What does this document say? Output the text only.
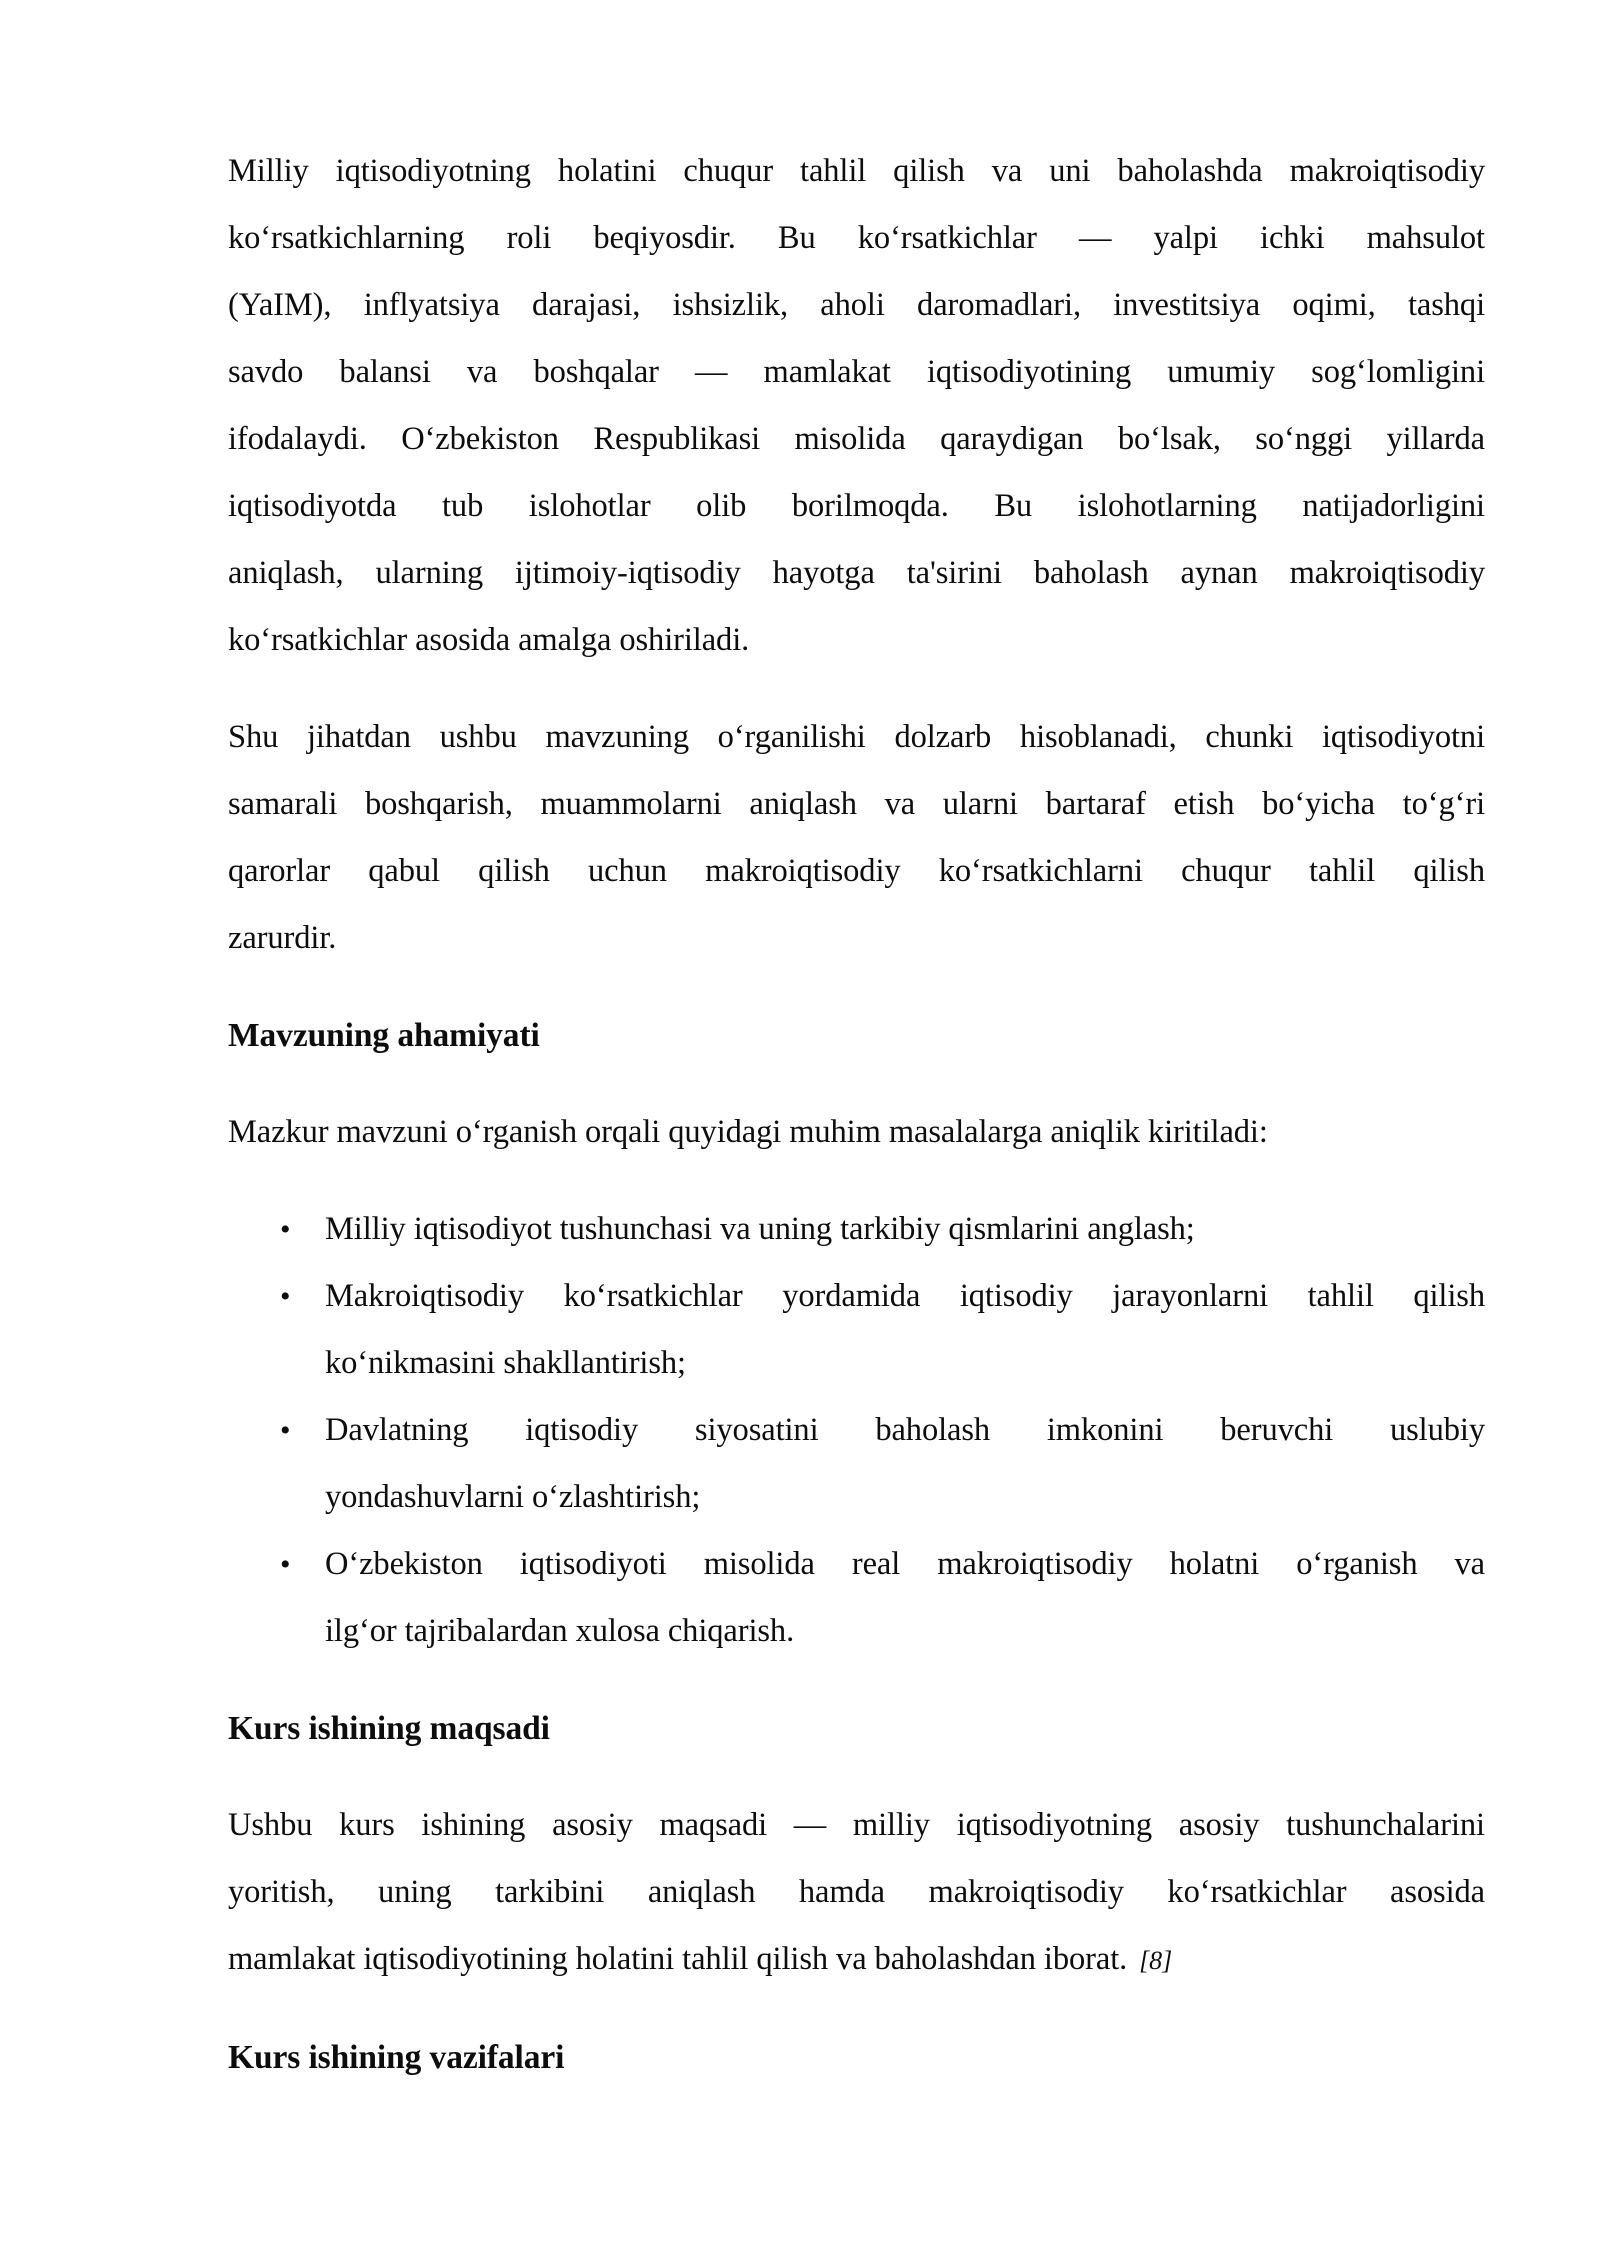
Milliy iqtisodiyotning holatini chuqur tahlil qilish va uni baholashda makroiqtisodiy
koʻrsatkichlarning roli beqiyosdir. Bu koʻrsatkichlar — yalpi ichki mahsulot
(YaIM), inflyatsiya darajasi, ishsizlik, aholi daromadlari, investitsiya oqimi, tashqi
savdo balansi va boshqalar — mamlakat iqtisodiyotining umumiy sogʻlomligini
ifodalaydi. Oʻzbekiston Respublikasi misolida qaraydigan boʻlsak, soʻnggi yillarda
iqtisodiyotda tub islohotlar olib borilmoqda. Bu islohotlarning natijadorligini
aniqlash, ularning ijtimoiy-iqtisodiy hayotga ta'sirini baholash aynan makroiqtisodiy
koʻrsatkichlar asosida amalga oshiriladi.
Shu jihatdan ushbu mavzuning oʻrganilishi dolzarb hisoblanadi, chunki iqtisodiyotni
samarali boshqarish, muammolarni aniqlash va ularni bartaraf etish boʻyicha toʻgʻri
qarorlar qabul qilish uchun makroiqtisodiy koʻrsatkichlarni chuqur tahlil qilish
zarurdir.
Mavzuning ahamiyati
Mazkur mavzuni oʻrganish orqali quyidagi muhim masalalarga aniqlik kiritiladi:
•	Milliy iqtisodiyot tushunchasi va uning tarkibiy qismlarini anglash;
•	Makroiqtisodiy koʻrsatkichlar yordamida iqtisodiy jarayonlarni tahlil qilish
koʻnikmasini shakllantirish;
•	Davlatning iqtisodiy siyosatini baholash imkonini beruvchi uslubiy
yondashuvlarni oʻzlashtirish;
•	Oʻzbekiston iqtisodiyoti misolida real makroiqtisodiy holatni oʻrganish va
ilgʻor tajribalardan xulosa chiqarish.
Kurs ishining maqsadi
Ushbu kurs ishining asosiy maqsadi — milliy iqtisodiyotning asosiy tushunchalarini
yoritish, uning tarkibini aniqlash hamda makroiqtisodiy koʻrsatkichlar asosida
mamlakat iqtisodiyotining holatini tahlil qilish va baholashdan iborat. [8]
Kurs ishining vazifalari
